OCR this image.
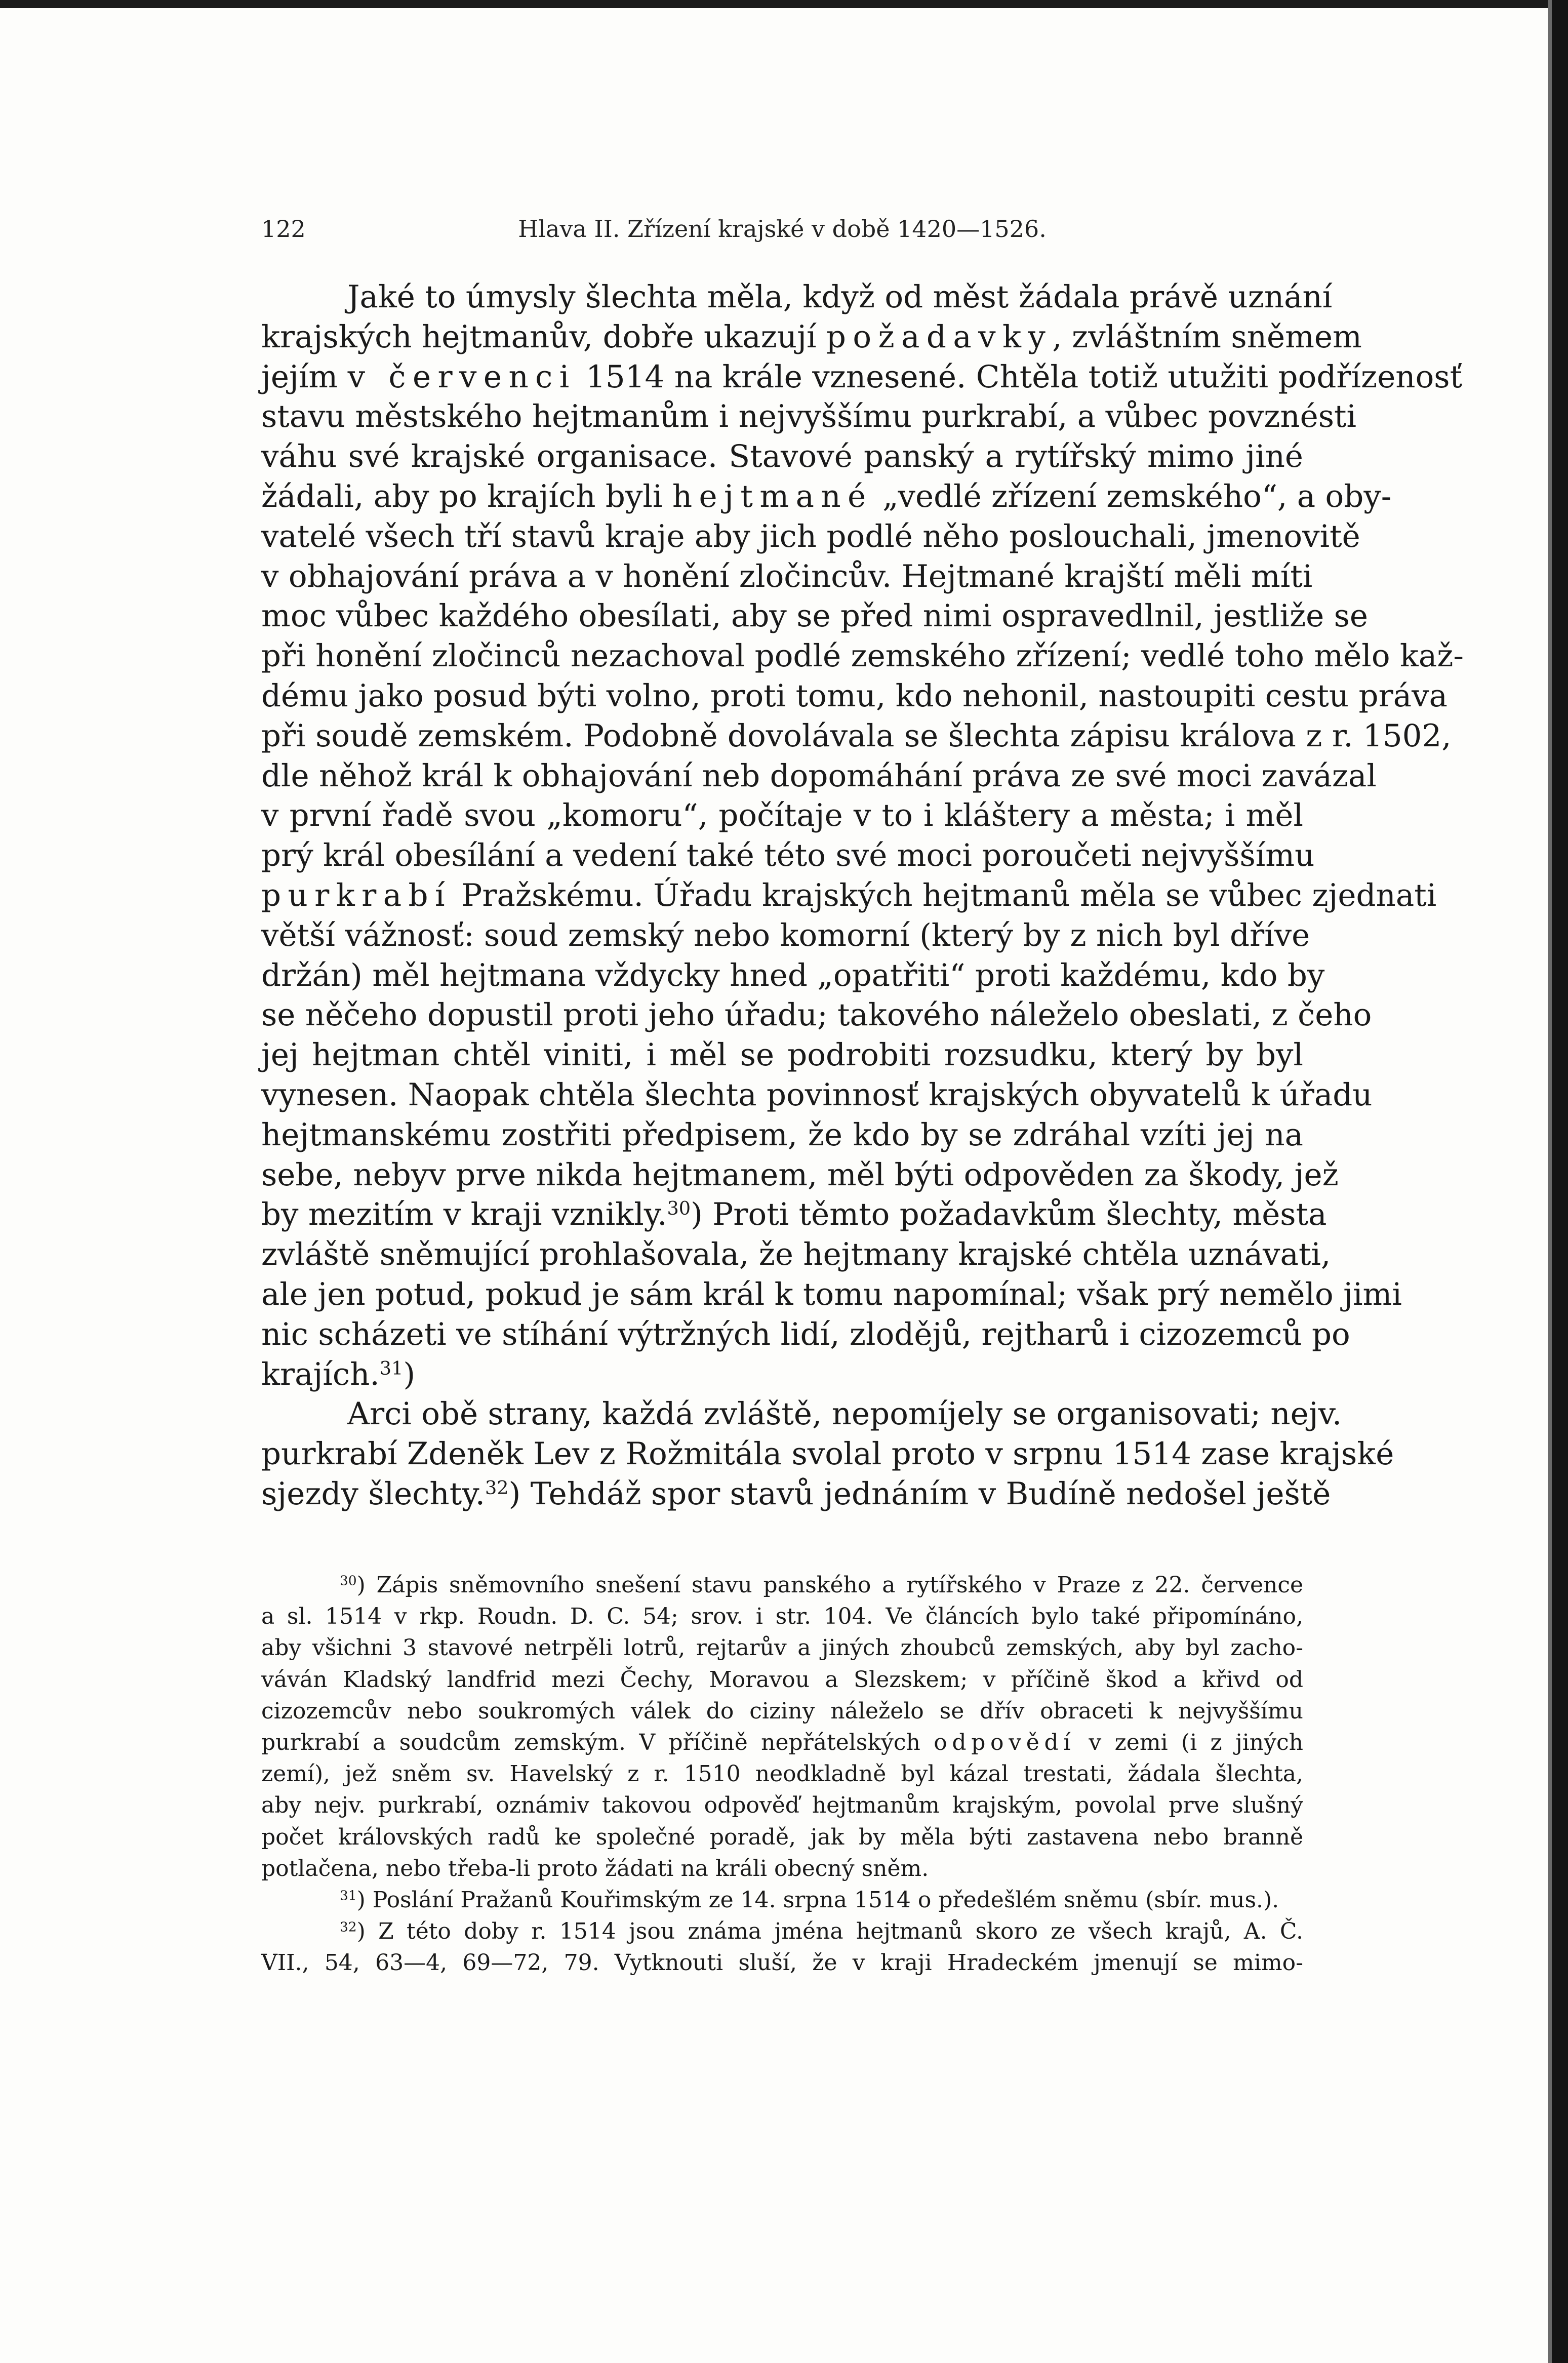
122	Hlava II. Zřízení krajské v době 1420—1526.
Jaké to úmysly šlechta měla, když od měst žádala právě uznání
krajských hejtmanův, dobře ukazují požadavky, zvláštním sněmem
jejím v červenci 1514 na krále vznesené. Chtěla totiž utužiti podřízenosť
stavu městského hejtmanům i nejvyššímu purkrabí, a vůbec povznésti
váhu své krajské organisace. Stavové panský a rytířský mimo jiné
žádali, aby po krajích byli hejtmané „vedlé zřízení zemského“, a oby-
vatelé všech tří stavů kraje aby jich podlé něho poslouchali, jmenovitě
v obhajování práva a v honění zločincův. Hejtmané krajští měli míti
moc vůbec každého obesílati, aby se před nimi ospravedlnil, jestliže se
při honění zločinců nezachoval podlé zemského zřízení; vedlé toho mělo kaž-
dému jako posud býti volno, proti tomu, kdo nehonil, nastoupiti cestu práva
při soudě zemském. Podobně dovolávala se šlechta zápisu králova z r. 1502,
dle něhož král k obhajování neb dopomáhání práva ze své moci zavázal
v první řadě svou „komoru“, počítaje v to i kláštery a města; i měl
prý král obesílání a vedení také této své moci poroučeti nejvyššímu
purkrabí Pražskému. Úřadu krajských hejtmanů měla se vůbec zjednati
větší vážnosť: soud zemský nebo komorní (který by z nich byl dříve
držán) měl hejtmana vždycky hned „opatřiti“ proti každému, kdo by
se něčeho dopustil proti jeho úřadu; takového náleželo obeslati, z čeho
jej hejtman chtěl viniti, i měl se podrobiti rozsudku, který by byl
vynesen. Naopak chtěla šlechta povinnosť krajských obyvatelů k úřadu
hejtmanskému zostřiti předpisem, že kdo by se zdráhal vzíti jej na
sebe, nebyv prve nikda hejtmanem, měl býti odpověden za škody, jež
by mezitím v kraji vznikly.$^{30}$) Proti těmto požadavkům šlechty, města
zvláště sněmující prohlašovala, že hejtmany krajské chtěla uznávati,
ale jen potud, pokud je sám král k tomu napomínal; však prý nemělo jimi
nic scházeti ve stíhání výtržných lidí, zlodějů, rejtharů i cizozemců po
krajích.$^{31}$)
Arci obě strany, každá zvláště, nepomíjely se organisovati; nejv.
purkrabí Zdeněk Lev z Rožmitála svolal proto v srpnu 1514 zase krajské
sjezdy šlechty.$^{32}$) Tehdáž spor stavů jednáním v Budíně nedošel ještě
$^{30}$) Zápis sněmovního snešení stavu panského a rytířského v Praze z 22. července
a sl. 1514 v rkp. Roudn. D. C. 54; srov. i str. 104. Ve článcích bylo také připomínáno,
aby všichni 3 stavové netrpěli lotrů, rejtarův a jiných zhoubců zemských, aby byl zacho-
váván Kladský landfrid mezi Čechy, Moravou a Slezskem; v příčině škod a křivd od
cizozemcův nebo soukromých válek do ciziny náleželo se dřív obraceti k nejvyššímu
purkrabí a soudcům zemským. V příčině nepřátelských odpovědí v zemi (i z jiných
zemí), jež sněm sv. Havelský z r. 1510 neodkladně byl kázal trestati, žádala šlechta,
aby nejv. purkrabí, oznámiv takovou odpověď hejtmanům krajským, povolal prve slušný
počet královských radů ke společné poradě, jak by měla býti zastavena nebo branně
potlačena, nebo třeba-li proto žádati na králi obecný sněm.
$^{31}$) Poslání Pražanů Kouřimským ze 14. srpna 1514 o předešlém sněmu (sbír. mus.).
$^{32}$) Z této doby r. 1514 jsou známa jména hejtmanů skoro ze všech krajů, A. Č.
VII., 54, 63—4, 69—72, 79. Vytknouti sluší, že v kraji Hradeckém jmenují se mimo-
